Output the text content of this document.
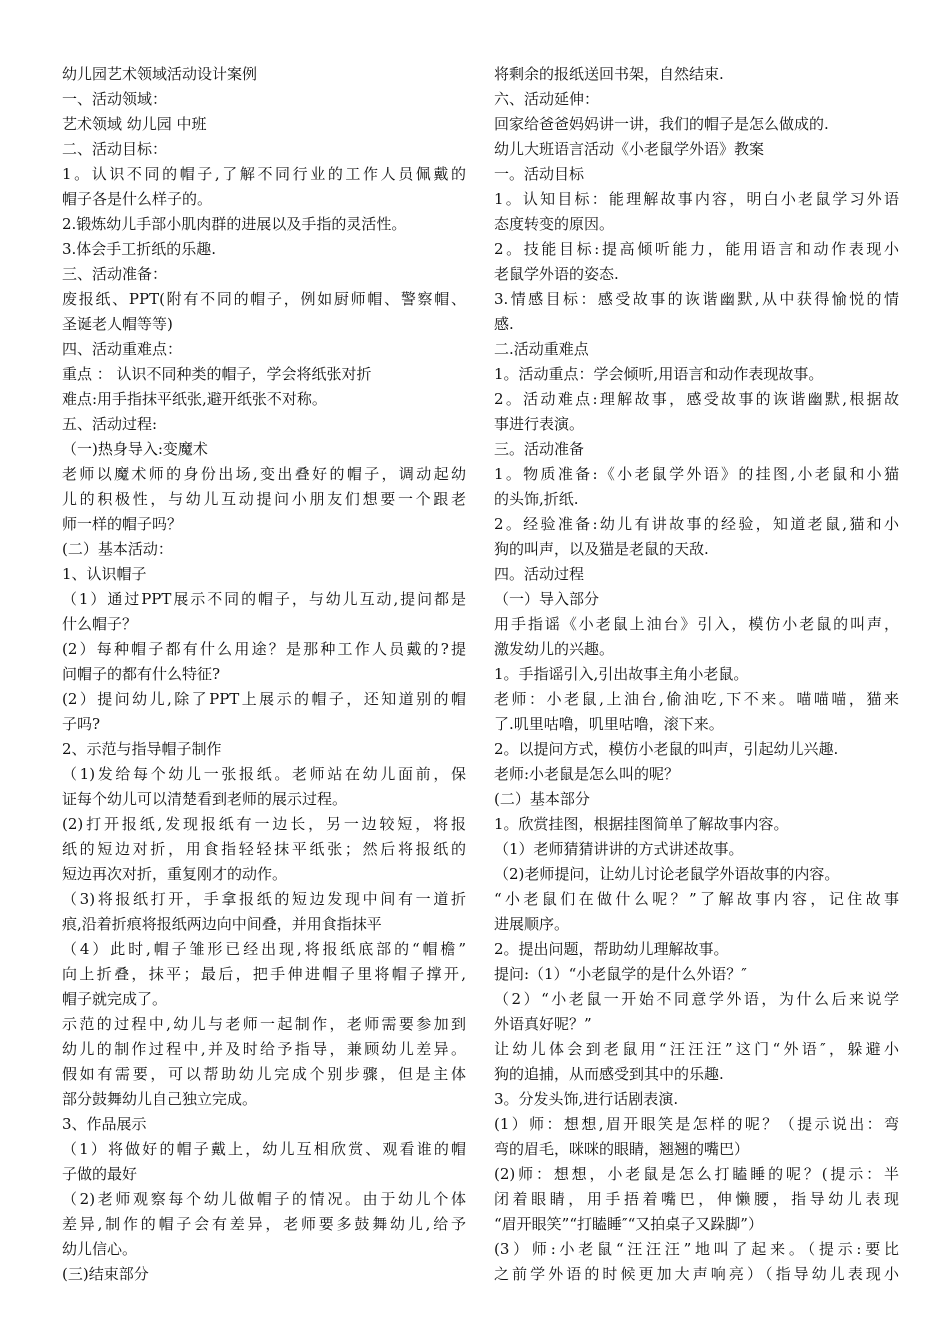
幼儿园艺术领域活动设计案例
一、活动领域：
艺术领域 幼儿园 中班
二、活动目标：
1。认识不同的帽子,了解不同行业的工作人员佩戴的
帽子各是什么样子的。
2.锻炼幼儿手部小肌肉群的进展以及手指的灵活性。
3.体会手工折纸的乐趣.
三、活动准备：
废报纸、PPT(附有不同的帽子，例如厨师帽、警察帽、
圣诞老人帽等等)
四、活动重难点：
重点 ： 认识不同种类的帽子，学会将纸张对折
难点:用手指抹平纸张,避开纸张不对称。
五、活动过程:
（一)热身导入:变魔术
老师以魔术师的身份出场,变出叠好的帽子，调动起幼
儿的积极性，与幼儿互动提问小朋友们想要一个跟老
师一样的帽子吗？
(二）基本活动：
1、认识帽子
（1）通过PPT展示不同的帽子，与幼儿互动,提问都是
什么帽子？
(2）每种帽子都有什么用途？是那种工作人员戴的?提
问帽子的都有什么特征?
(2）提问幼儿,除了PPT上展示的帽子，还知道别的帽
子吗?
2、示范与指导帽子制作
（1)发给每个幼儿一张报纸。老师站在幼儿面前，保
证每个幼儿可以清楚看到老师的展示过程。
(2)打开报纸,发现报纸有一边长，另一边较短，将报
纸的短边对折，用食指轻轻抹平纸张；然后将报纸的
短边再次对折，重复刚才的动作。
（3)将报纸打开，手拿报纸的短边发现中间有一道折
痕,沿着折痕将报纸两边向中间叠，并用食指抹平
（4）此时,帽子雏形已经出现,将报纸底部的“帽檐”
向上折叠，抹平；最后，把手伸进帽子里将帽子撑开,
帽子就完成了。
示范的过程中,幼儿与老师一起制作，老师需要参加到
幼儿的制作过程中,并及时给予指导，兼顾幼儿差异。
假如有需要，可以帮助幼儿完成个别步骤，但是主体
部分鼓舞幼儿自己独立完成。
3、作品展示
（1）将做好的帽子戴上，幼儿互相欣赏、观看谁的帽
子做的最好
（2)老师观察每个幼儿做帽子的情况。由于幼儿个体
差异,制作的帽子会有差异，老师要多鼓舞幼儿,给予
幼儿信心。
(三)结束部分
将剩余的报纸送回书架，自然结束.
六、活动延伸：
回家给爸爸妈妈讲一讲，我们的帽子是怎么做成的.
幼儿大班语言活动《小老鼠学外语》教案
一。活动目标
1。认知目标：能理解故事内容，明白小老鼠学习外语
态度转变的原因。
2。技能目标:提高倾听能力，能用语言和动作表现小
老鼠学外语的姿态.
3.情感目标：感受故事的诙谐幽默,从中获得愉悦的情
感.
二.活动重难点
1。活动重点：学会倾听,用语言和动作表现故事。
2。活动难点:理解故事，感受故事的诙谐幽默,根据故
事进行表演。
三。活动准备
1。物质准备:《小老鼠学外语》的挂图,小老鼠和小猫
的头饰,折纸.
2。经验准备:幼儿有讲故事的经验，知道老鼠,猫和小
狗的叫声，以及猫是老鼠的天敌.
四。活动过程
（一）导入部分
用手指谣《小老鼠上油台》引入，模仿小老鼠的叫声，
激发幼儿的兴趣。
1。手指谣引入,引出故事主角小老鼠。
老师：小老鼠,上油台,偷油吃,下不来。喵喵喵，猫来
了.叽里咕噜，叽里咕噜，滚下来。
2。以提问方式，模仿小老鼠的叫声，引起幼儿兴趣.
老师:小老鼠是怎么叫的呢？
(二）基本部分
1。欣赏挂图，根据挂图简单了解故事内容。
（1）老师猜猜讲讲的方式讲述故事。
（2)老师提问，让幼儿讨论老鼠学外语故事的内容。
“小老鼠们在做什么呢？”了解故事内容，记住故事
进展顺序。
2。提出问题，帮助幼儿理解故事。
提问:（1）“小老鼠学的是什么外语？″
（2）“小老鼠一开始不同意学外语，为什么后来说学
外语真好呢？”
让幼儿体会到老鼠用“汪汪汪”这门“外语″，躲避小
狗的追捕，从而感受到其中的乐趣.
3。分发头饰,进行话剧表演.
(1）师：想想,眉开眼笑是怎样的呢？（提示说出：弯
弯的眉毛，咪咪的眼睛，翘翘的嘴巴）
(2)师：想想，小老鼠是怎么打瞌睡的呢？(提示：半
闭着眼睛，用手捂着嘴巴，伸懒腰，指导幼儿表现
“眉开眼笑”“打瞌睡″“又拍桌子又跺脚”）
(3）师:小老鼠“汪汪汪”地叫了起来。（提示:要比
之前学外语的时候更加大声响亮）（指导幼儿表现小
